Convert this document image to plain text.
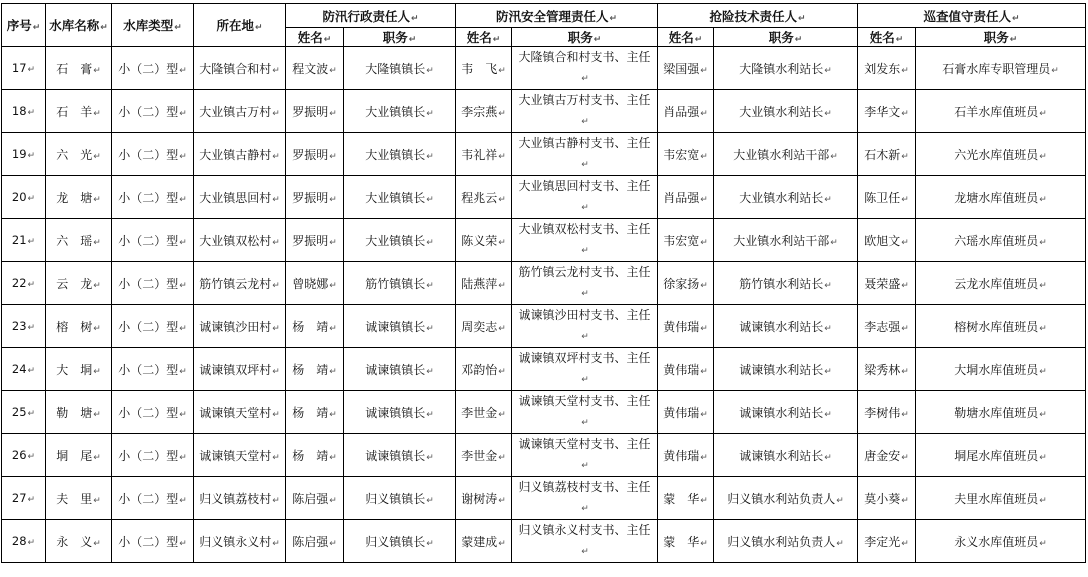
序号↵	水库名称↵	水库类型↵	所在地↵	防汛行政责任人↵		防汛安全管理责任人↵		抢险技术责任人↵		巡查值守责任人↵	
				姓名↵	职务↵	姓名↵	职务↵	姓名↵	职务↵	姓名↵	职务↵
17↵	石　膏↵	小（二）型↵	大隆镇合和村↵	程文波↵	大隆镇镇长↵	韦　飞↵	大隆镇合和村支书、主任↵	梁国强↵	大隆镇水利站长↵	刘发东↵	石膏水库专职管理员↵
18↵	石　羊↵	小（二）型↵	大业镇古万村↵	罗振明↵	大业镇镇长↵	李宗燕↵	大业镇古万村支书、主任↵	肖品强↵	大业镇水利站长↵	李华文↵	石羊水库值班员↵
19↵	六　光↵	小（二）型↵	大业镇古静村↵	罗振明↵	大业镇镇长↵	韦礼祥↵	大业镇古静村支书、主任↵	韦宏宽↵	大业镇水利站干部↵	石木新↵	六光水库值班员↵
20↵	龙　塘↵	小（二）型↵	大业镇思回村↵	罗振明↵	大业镇镇长↵	程兆云↵	大业镇思回村支书、主任↵	肖品强↵	大业镇水利站长↵	陈卫任↵	龙塘水库值班员↵
21↵	六　瑶↵	小（二）型↵	大业镇双松村↵	罗振明↵	大业镇镇长↵	陈义荣↵	大业镇双松村支书、主任↵	韦宏宽↵	大业镇水利站干部↵	欧旭文↵	六瑶水库值班员↵
22↵	云　龙↵	小（二）型↵	筋竹镇云龙村↵	曾晓娜↵	筋竹镇镇长↵	陆燕萍↵	筋竹镇云龙村支书、主任↵	徐家扬↵	筋竹镇水利站长↵	聂荣盛↵	云龙水库值班员↵
23↵	榕　树↵	小（二）型↵	诚谏镇沙田村↵	杨　靖↵	诚谏镇镇长↵	周奕志↵	诚谏镇沙田村支书、主任↵	黄伟瑞↵	诚谏镇水利站长↵	李志强↵	榕树水库值班员↵
24↵	大　垌↵	小（二）型↵	诚谏镇双坪村↵	杨　靖↵	诚谏镇镇长↵	邓韵怡↵	诚谏镇双坪村支书、主任↵	黄伟瑞↵	诚谏镇水利站长↵	梁秀林↵	大垌水库值班员↵
25↵	勒　塘↵	小（二）型↵	诚谏镇天堂村↵	杨　靖↵	诚谏镇镇长↵	李世金↵	诚谏镇天堂村支书、主任↵	黄伟瑞↵	诚谏镇水利站长↵	李树伟↵	勒塘水库值班员↵
26↵	垌　尾↵	小（二）型↵	诚谏镇天堂村↵	杨　靖↵	诚谏镇镇长↵	李世金↵	诚谏镇天堂村支书、主任↵	黄伟瑞↵	诚谏镇水利站长↵	唐金安↵	垌尾水库值班员↵
27↵	夫　里↵	小（二）型↵	归义镇荔枝村↵	陈启强↵	归义镇镇长↵	谢树涛↵	归义镇荔枝村支书、主任↵	蒙　华↵	归义镇水利站负责人↵	莫小葵↵	夫里水库值班员↵
28↵	永　义↵	小（二）型↵	归义镇永义村↵	陈启强↵	归义镇镇长↵	蒙建成↵	归义镇永义村支书、主任↵	蒙　华↵	归义镇水利站负责人↵	李定光↵	永义水库值班员↵
